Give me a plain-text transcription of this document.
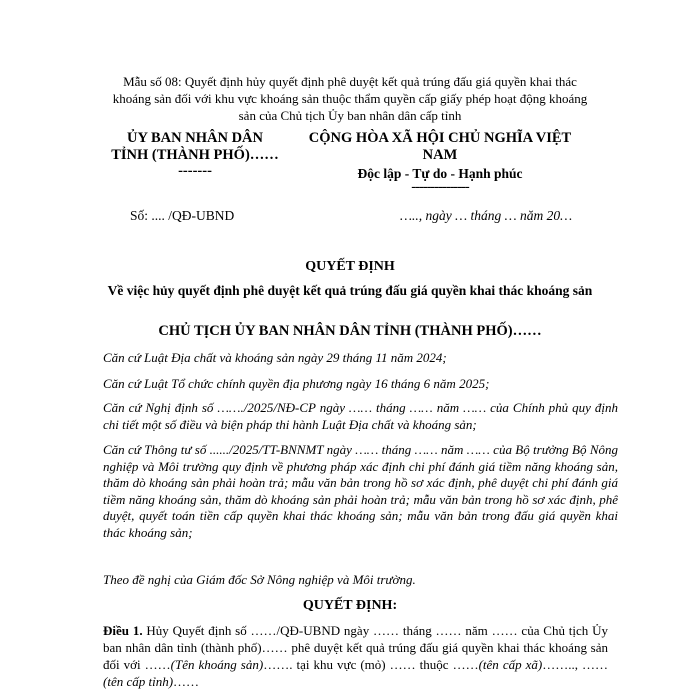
Mẫu số 08: Quyết định hủy quyết định phê duyệt kết quả trúng đấu giá quyền khai thác khoáng sản đối với khu vực khoáng sản thuộc thẩm quyền cấp giấy phép hoạt động khoáng sản của Chủ tịch Ủy ban nhân dân cấp tỉnh
ỦY BAN NHÂN DÂN
TỈNH (THÀNH PHỐ)……
-------
CỘNG HÒA XÃ HỘI CHỦ NGHĨA VIỆT
NAM
Độc lập - Tự do - Hạnh phúc
---------------
Số: .... /QĐ-UBND	….., ngày … tháng … năm 20…
QUYẾT ĐỊNH
Về việc hủy quyết định phê duyệt kết quả trúng đấu giá quyền khai thác khoáng sản
CHỦ TỊCH ỦY BAN NHÂN DÂN TỈNH (THÀNH PHỐ)……
Căn cứ Luật Địa chất và khoáng sản ngày 29 tháng 11 năm 2024;
Căn cứ Luật Tổ chức chính quyền địa phương ngày 16 tháng 6 năm 2025;
Căn cứ Nghị định số ……./2025/NĐ-CP ngày …… tháng …… năm …… của Chính phủ quy định chi tiết một số điều và biện pháp thi hành Luật Địa chất và khoáng sản;
Căn cứ Thông tư số ....../2025/TT-BNNMT ngày …… tháng …… năm …… của Bộ trưởng Bộ Nông nghiệp và Môi trường quy định về phương pháp xác định chi phí đánh giá tiềm năng khoáng sản, thăm dò khoáng sản phải hoàn trả; mẫu văn bản trong hồ sơ xác định, phê duyệt chi phí đánh giá tiềm năng khoáng sản, thăm dò khoáng sản phải hoàn trả; mẫu văn bản trong hồ sơ xác định, phê duyệt, quyết toán tiền cấp quyền khai thác khoáng sản; mẫu văn bản trong đấu giá quyền khai thác khoáng sản;
Theo đề nghị của Giám đốc Sở Nông nghiệp và Môi trường.
QUYẾT ĐỊNH:
Điều 1. Hủy Quyết định số ……/QĐ-UBND ngày …… tháng …… năm …… của Chủ tịch Ủy ban nhân dân tỉnh (thành phố)…… phê duyệt kết quả trúng đấu giá quyền khai thác khoáng sản đối với ……(Tên khoáng sản)……. tại khu vực (mỏ) …… thuộc ……(tên cấp xã)…….., ……(tên cấp tỉnh)……
